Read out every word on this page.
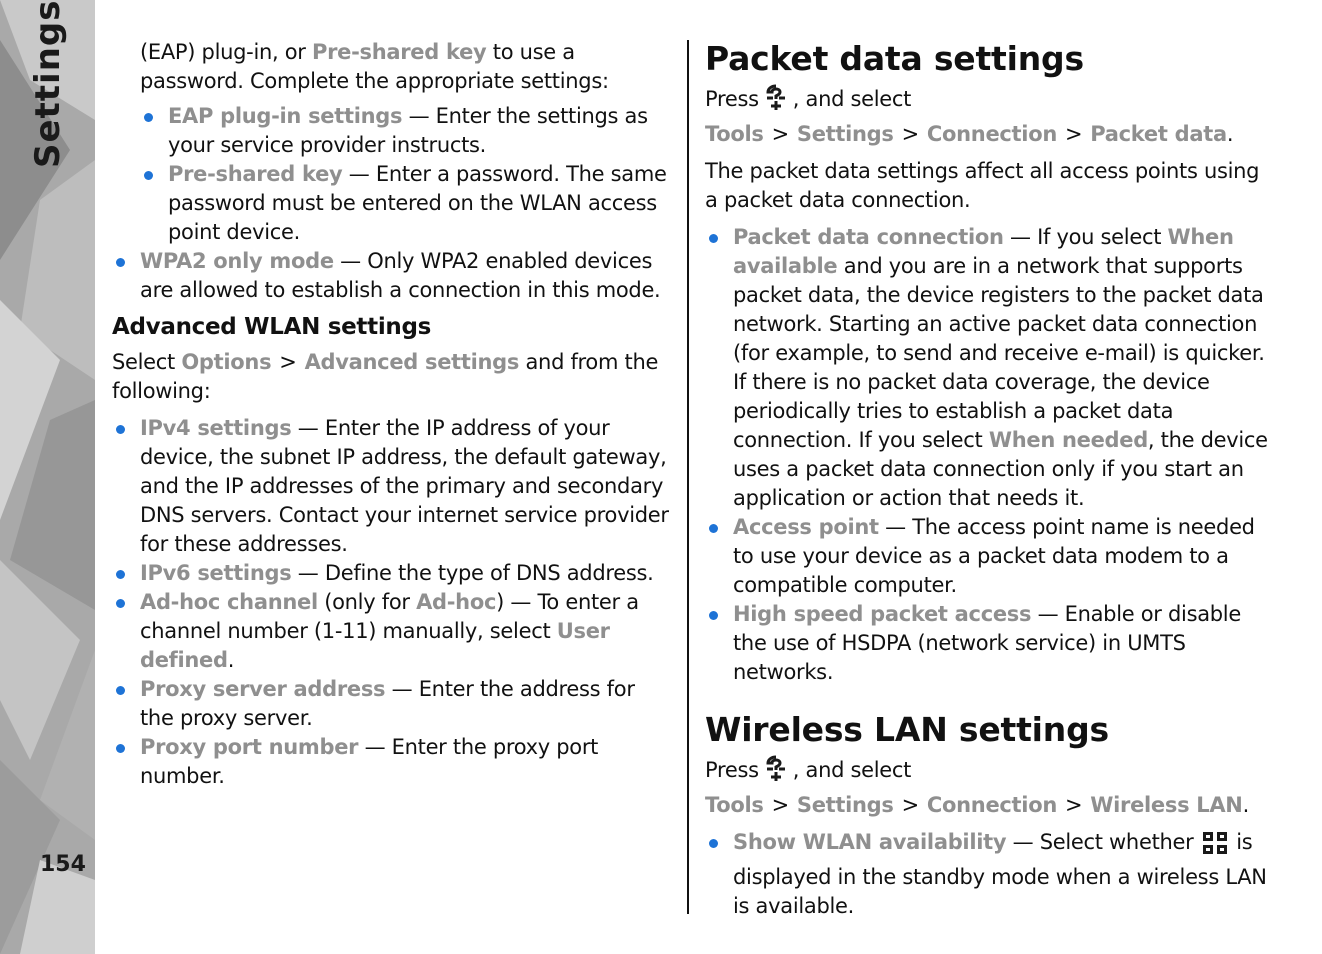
Settings
154

(EAP) plug-in, or Pre-shared key to use a password. Complete the appropriate settings:

EAP plug-in settings — Enter the settings as your service provider instructs.
Pre-shared key — Enter a password. The same password must be entered on the WLAN access point device.
WPA2 only mode — Only WPA2 enabled devices are allowed to establish a connection in this mode.

Advanced WLAN settings

Select Options > Advanced settings and from the following:

IPv4 settings — Enter the IP address of your device, the subnet IP address, the default gateway, and the IP addresses of the primary and secondary DNS servers. Contact your internet service provider for these addresses.
IPv6 settings — Define the type of DNS address.
Ad-hoc channel (only for Ad-hoc) — To enter a channel number (1-11) manually, select User defined.
Proxy server address — Enter the address for the proxy server.
Proxy port number — Enter the proxy port number.

Packet data settings

Press , and select Tools > Settings > Connection > Packet data.

The packet data settings affect all access points using a packet data connection.

Packet data connection — If you select When available and you are in a network that supports packet data, the device registers to the packet data network. Starting an active packet data connection (for example, to send and receive e-mail) is quicker. If there is no packet data coverage, the device periodically tries to establish a packet data connection. If you select When needed, the device uses a packet data connection only if you start an application or action that needs it.
Access point — The access point name is needed to use your device as a packet data modem to a compatible computer.
High speed packet access — Enable or disable the use of HSDPA (network service) in UMTS networks.

Wireless LAN settings

Press , and select Tools > Settings > Connection > Wireless LAN.

Show WLAN availability — Select whether  is displayed in the standby mode when a wireless LAN is available.
